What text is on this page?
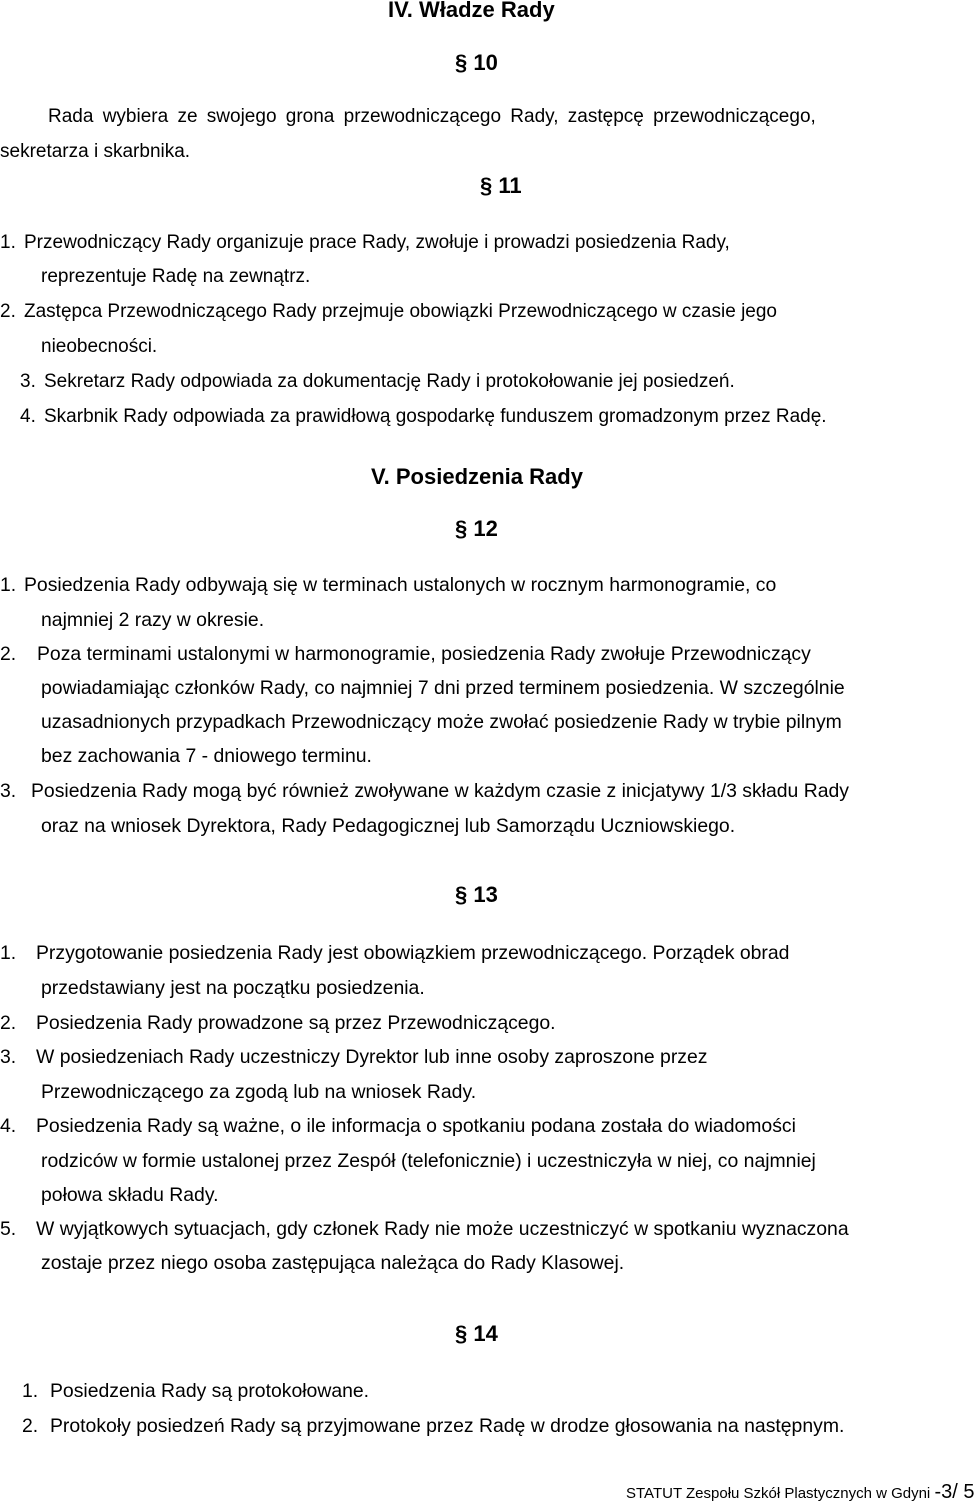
IV. Władze Rady
§ 10
Rada wybiera ze swojego grona przewodniczącego Rady, zastępcę przewodniczącego,
sekretarza i skarbnika.
§ 11
1. Przewodniczący Rady organizuje prace Rady, zwołuje i prowadzi posiedzenia Rady,
reprezentuje Radę na zewnątrz.
2. Zastępca Przewodniczącego Rady przejmuje obowiązki Przewodniczącego w czasie jego
nieobecności.
3. Sekretarz Rady odpowiada za dokumentację Rady i protokołowanie jej posiedzeń.
4. Skarbnik Rady odpowiada za prawidłową gospodarkę funduszem gromadzonym przez Radę.
V. Posiedzenia Rady
§ 12
1. Posiedzenia Rady odbywają się w terminach ustalonych w rocznym harmonogramie, co
najmniej 2 razy w okresie.
2. Poza terminami ustalonymi w harmonogramie, posiedzenia Rady zwołuje Przewodniczący
powiadamiając członków Rady, co najmniej 7 dni przed terminem posiedzenia. W szczególnie
uzasadnionych przypadkach Przewodniczący może zwołać posiedzenie Rady w trybie pilnym
bez zachowania 7 - dniowego terminu.
3. Posiedzenia Rady mogą być również zwoływane w każdym czasie z inicjatywy 1/3 składu Rady
oraz na wniosek Dyrektora, Rady Pedagogicznej lub Samorządu Uczniowskiego.
§ 13
1. Przygotowanie posiedzenia Rady jest obowiązkiem przewodniczącego. Porządek obrad
przedstawiany jest na początku posiedzenia.
2. Posiedzenia Rady prowadzone są przez Przewodniczącego.
3. W posiedzeniach Rady uczestniczy Dyrektor lub inne osoby zaproszone przez
Przewodniczącego za zgodą lub na wniosek Rady.
4. Posiedzenia Rady są ważne, o ile informacja o spotkaniu podana została do wiadomości
rodziców w formie ustalonej przez Zespół (telefonicznie) i uczestniczyła w niej, co najmniej
połowa składu Rady.
5. W wyjątkowych sytuacjach, gdy członek Rady nie może uczestniczyć w spotkaniu wyznaczona
zostaje przez niego osoba zastępująca należąca do Rady Klasowej.
§ 14
1. Posiedzenia Rady są protokołowane.
2. Protokoły posiedzeń Rady są przyjmowane przez Radę w drodze głosowania na następnym.
STATUT Zespołu Szkół Plastycznych w Gdyni -3/ 5
